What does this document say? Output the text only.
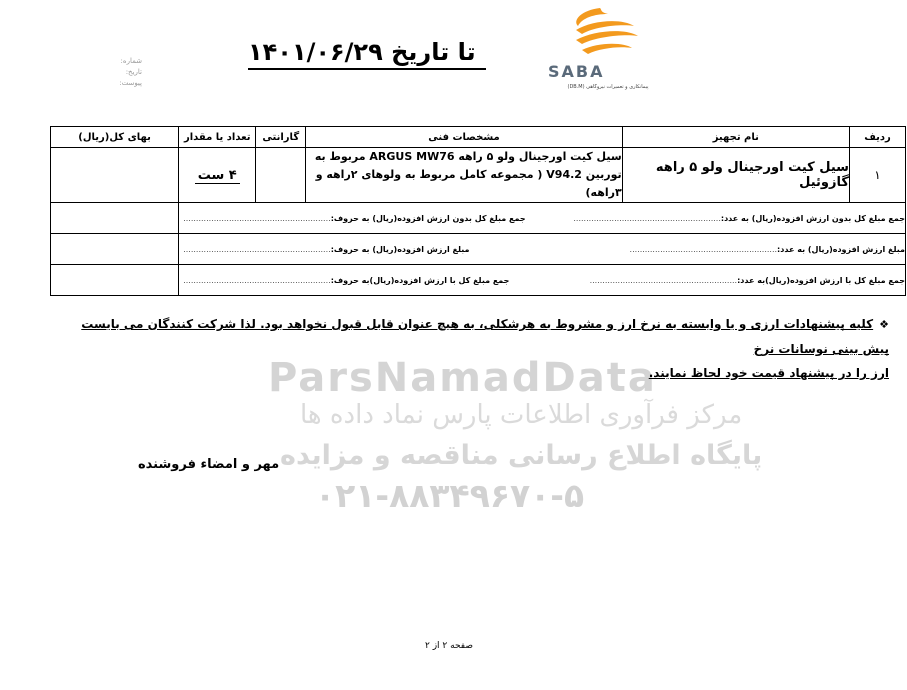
ParsNamadData
مرکز فرآوری اطلاعات پارس نماد داده ها
پایگاه اطلاع رسانی مناقصه و مزایده
۰۲۱-۸۸۳۴۹۶۷۰-۵
SABA
پیمانکاری و تعمیرات نیروگاهی (DB.M)
تا تاریخ ۱۴۰۱/۰۶/۲۹
شماره:
تاریخ:
پیوست:
ردیف	نام تجهیز	مشخصات فنی	گارانتی	تعداد یا مقدار	بهای کل(ریال)
۱	سیل کیت اورجینال ولو ۵ راهه گازوئیل	سیل کیت اورجینال ولو ۵ راهه ARGUS MW76 مربوط به
توربین V94.2 ( مجموعه کامل مربوط به ولوهای ۲راهه و ۳راهه)		۴ ست	

جمع مبلغ کل بدون ارزش افزوده(ریال) به عدد:..........................................................
جمع مبلغ کل بدون ارزش افزوده(ریال) به حروف:..........................................................					

مبلغ ارزش افزوده(ریال) به عدد:..........................................................
مبلغ ارزش افزوده(ریال) به حروف:..........................................................					

جمع مبلغ کل با ارزش افزوده(ریال)به عدد:..........................................................
جمع مبلغ کل با ارزش افزوده(ریال)به حروف:..........................................................					

❖کلیه پیشنهادات ارزی و یا وابسته به نرخ ارز و مشروط به هرشکلی، به هیچ عنوان قابل قبول نخواهد بود. لذا شرکت کنندگان می بایست پیش بینی نوسانات نرخ
ارز را در پیشنهاد قیمت خود لحاظ نمایند.
مهر و امضاء فروشنده
صفحه ۲ از ۲
